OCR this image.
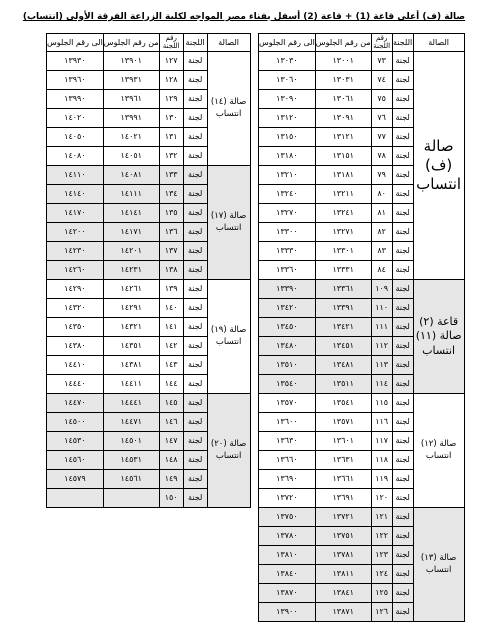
صالة (ف) أعلى قاعة (1) + قاعة (2) أسفل بفناء مصر المواجه لكلية الزراعة الفرقة الأولى (انتساب)
الصالة	اللجنة	رقم اللجنة	من رقم الجلوس	الى رقم الجلوس
صالة (ف) انتساب	لجنة	٧٣	١٣٠٠١	١٣٠٣٠
	لجنة	٧٤	١٣٠٣١	١٣٠٦٠
	لجنة	٧٥	١٣٠٦١	١٣٠٩٠
	لجنة	٧٦	١٣٠٩١	١٣١٢٠
	لجنة	٧٧	١٣١٢١	١٣١٥٠
	لجنة	٧٨	١٣١٥١	١٣١٨٠
	لجنة	٧٩	١٣١٨١	١٣٢١٠
	لجنة	٨٠	١٣٢١١	١٣٢٤٠
	لجنة	٨١	١٣٢٤١	١٣٢٧٠
	لجنة	٨٢	١٣٢٧١	١٣٣٠٠
	لجنة	٨٣	١٣٣٠١	١٣٣٣٠
	لجنة	٨٤	١٣٣٣١	١٣٣٦٠
قاعة (٢) صالة (١١) انتساب	لجنة	١٠٩	١٣٣٦١	١٣٣٩٠
	لجنة	١١٠	١٣٣٩١	١٣٤٢٠
	لجنة	١١١	١٣٤٢١	١٣٤٥٠
	لجنة	١١٢	١٣٤٥١	١٣٤٨٠
	لجنة	١١٣	١٣٤٨١	١٣٥١٠
	لجنة	١١٤	١٣٥١١	١٣٥٤٠
صالة (١٢) انتساب	لجنة	١١٥	١٣٥٤١	١٣٥٧٠
	لجنة	١١٦	١٣٥٧١	١٣٦٠٠
	لجنة	١١٧	١٣٦٠١	١٣٦٣٠
	لجنة	١١٨	١٣٦٣١	١٣٦٦٠
	لجنة	١١٩	١٣٦٦١	١٣٦٩٠
	لجنة	١٢٠	١٣٦٩١	١٣٧٢٠
صالة (١٣) انتساب	لجنة	١٢١	١٣٧٢١	١٣٧٥٠
	لجنة	١٢٢	١٣٧٥١	١٣٧٨٠
	لجنة	١٢٣	١٣٧٨١	١٣٨١٠
	لجنة	١٢٤	١٣٨١١	١٣٨٤٠
	لجنة	١٢٥	١٣٨٤١	١٣٨٧٠
	لجنة	١٢٦	١٣٨٧١	١٣٩٠٠
الصالة	اللجنة	رقم اللجنة	من رقم الجلوس	الى رقم الجلوس
صالة (١٤) انتساب	لجنة	١٢٧	١٣٩٠١	١٣٩٣٠
	لجنة	١٢٨	١٣٩٣١	١٣٩٦٠
	لجنة	١٢٩	١٣٩٦١	١٣٩٩٠
	لجنة	١٣٠	١٣٩٩١	١٤٠٢٠
	لجنة	١٣١	١٤٠٢١	١٤٠٥٠
	لجنة	١٣٢	١٤٠٥١	١٤٠٨٠
صالة (١٧) انتساب	لجنة	١٣٣	١٤٠٨١	١٤١١٠
	لجنة	١٣٤	١٤١١١	١٤١٤٠
	لجنة	١٣٥	١٤١٤١	١٤١٧٠
	لجنة	١٣٦	١٤١٧١	١٤٢٠٠
	لجنة	١٣٧	١٤٢٠١	١٤٢٣٠
	لجنة	١٣٨	١٤٢٣١	١٤٢٦٠
صالة (١٩) انتساب	لجنة	١٣٩	١٤٢٦١	١٤٢٩٠
	لجنة	١٤٠	١٤٢٩١	١٤٣٢٠
	لجنة	١٤١	١٤٣٢١	١٤٣٥٠
	لجنة	١٤٢	١٤٣٥١	١٤٣٨٠
	لجنة	١٤٣	١٤٣٨١	١٤٤١٠
	لجنة	١٤٤	١٤٤١١	١٤٤٤٠
صالة (٢٠) انتساب	لجنة	١٤٥	١٤٤٤١	١٤٤٧٠
	لجنة	١٤٦	١٤٤٧١	١٤٥٠٠
	لجنة	١٤٧	١٤٥٠١	١٤٥٣٠
	لجنة	١٤٨	١٤٥٣١	١٤٥٦٠
	لجنة	١٤٩	١٤٥٦١	١٤٥٧٩
	لجنة	١٥٠		
